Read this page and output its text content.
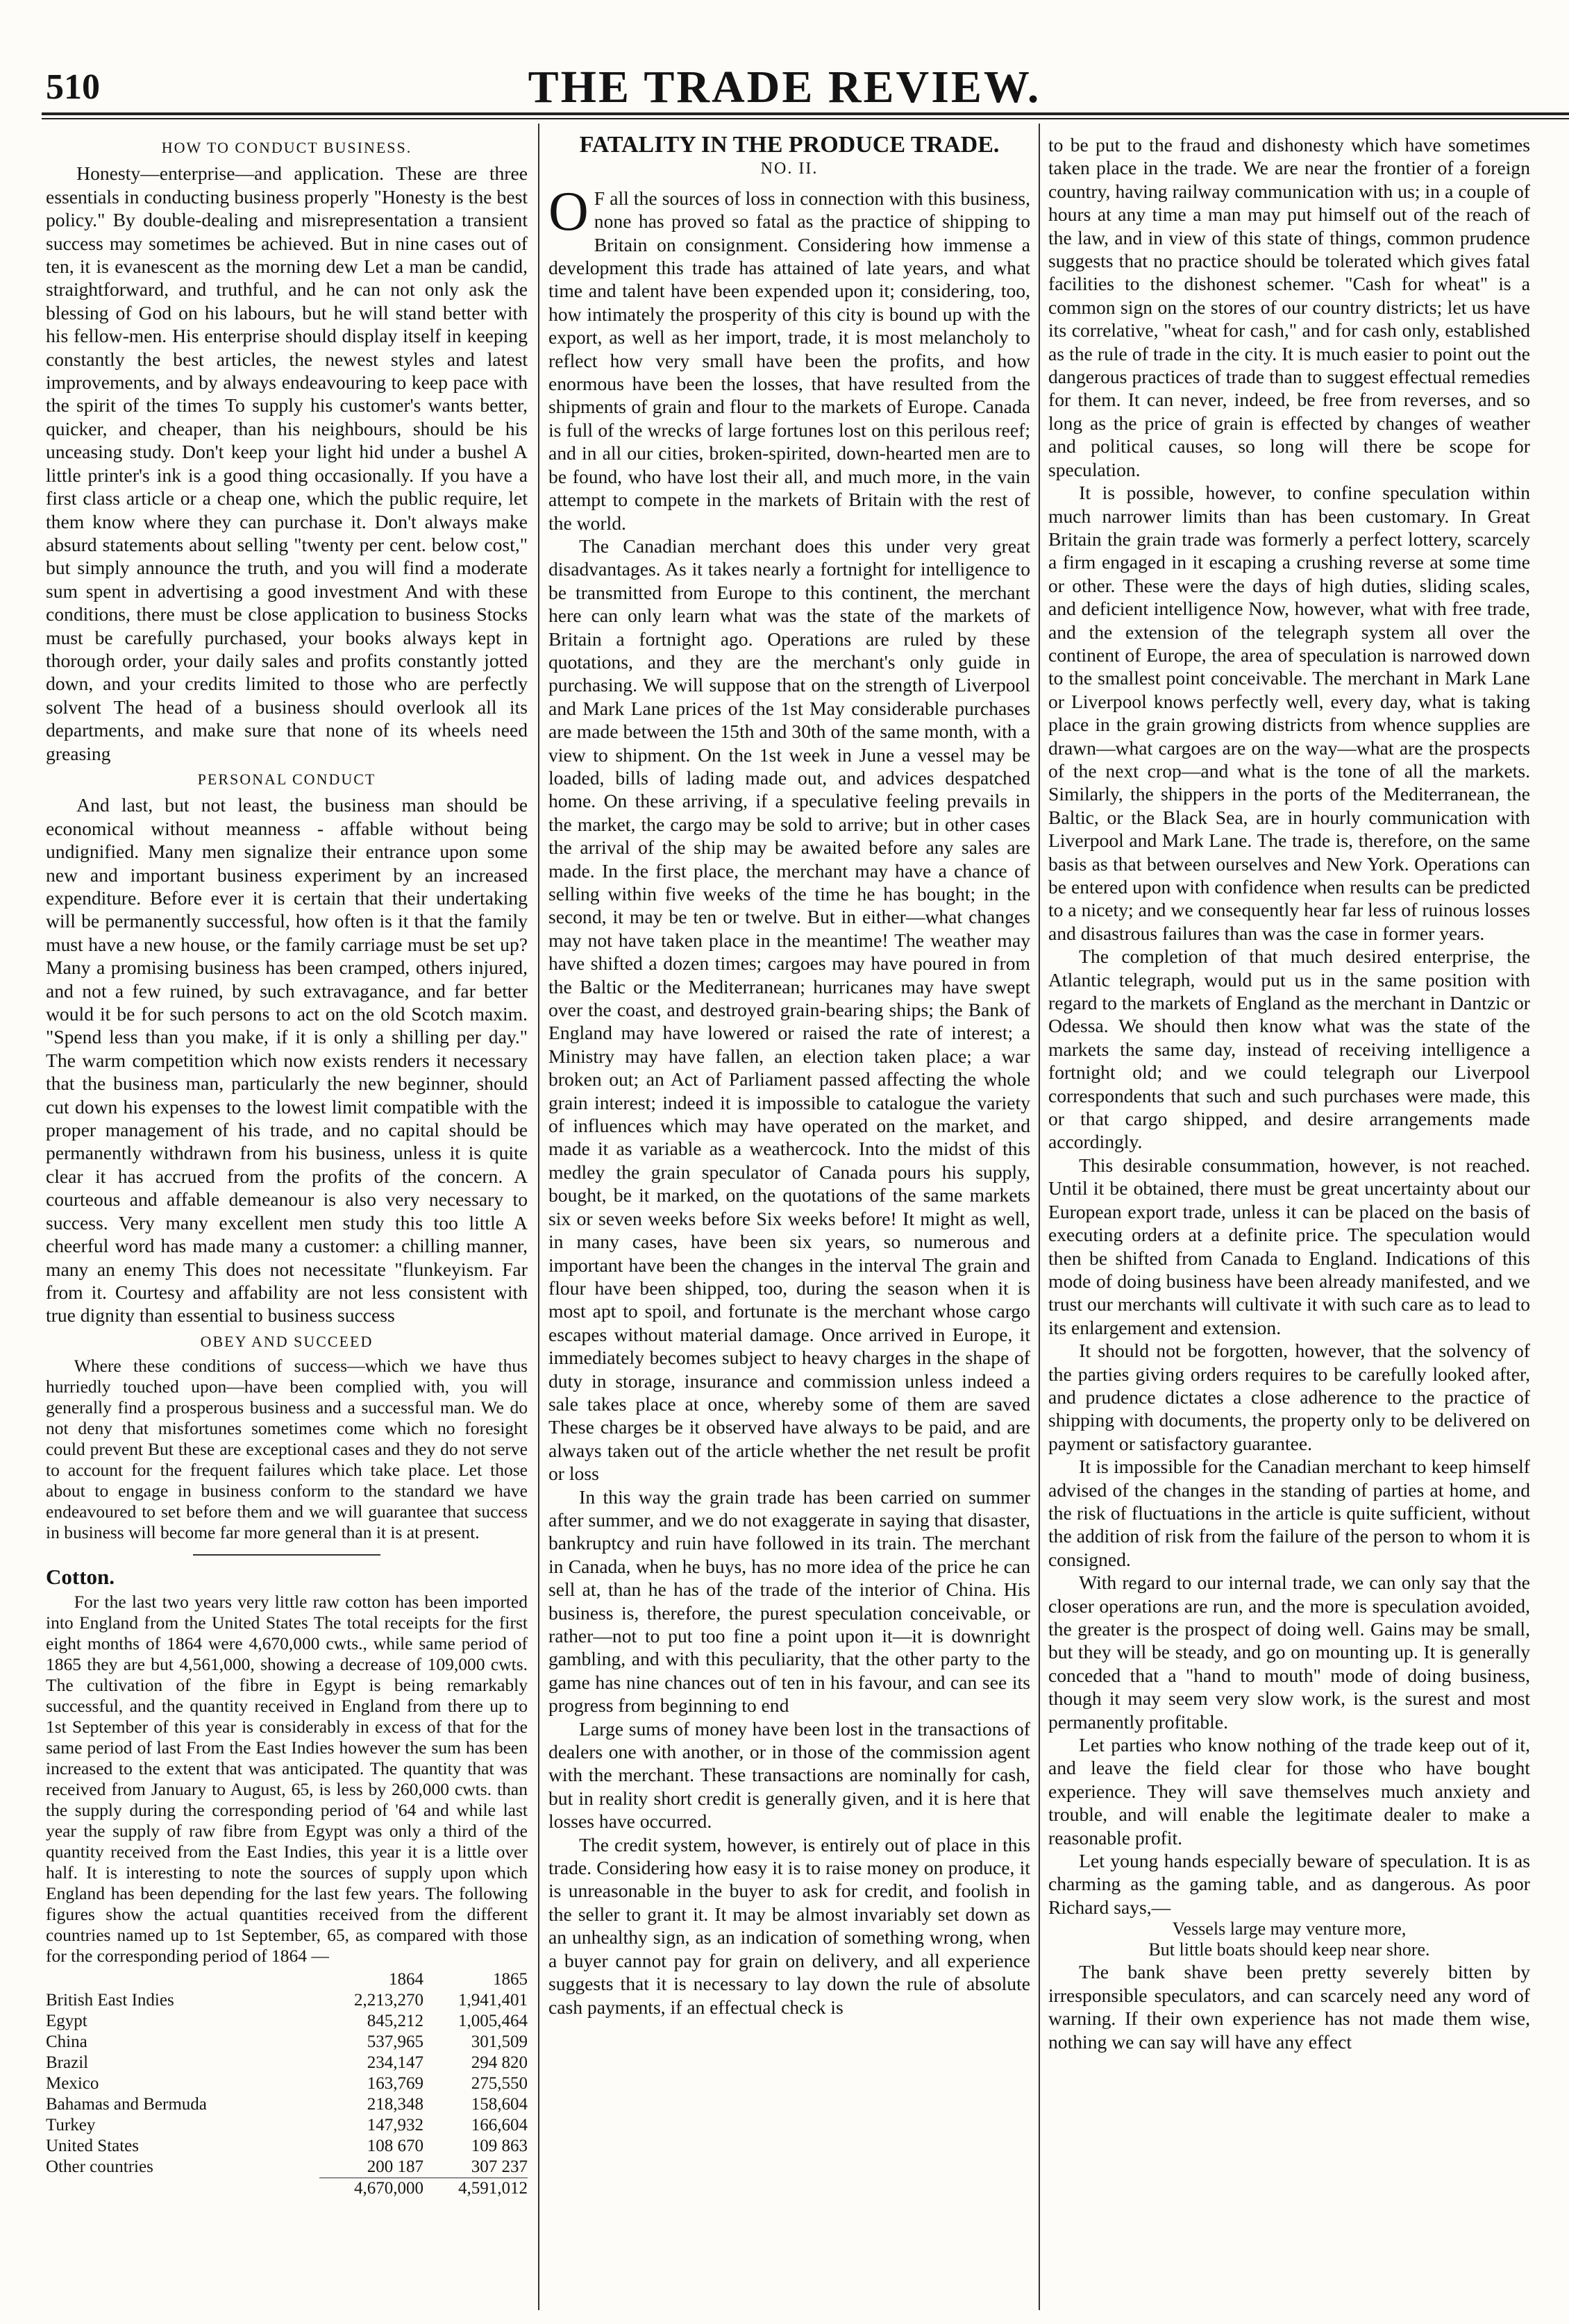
510	THE TRADE REVIEW.
HOW TO CONDUCT BUSINESS.

Honesty—enterprise—and application. These are three essentials in conducting business properly "Honesty is the best policy." By double-dealing and misrepresentation a transient success may sometimes be achieved. But in nine cases out of ten, it is evanescent as the morning dew Let a man be candid, straightforward, and truthful, and he can not only ask the blessing of God on his labours, but he will stand better with his fellow-men. His enterprise should display itself in keeping constantly the best articles, the newest styles and latest improvements, and by always endeavouring to keep pace with the spirit of the times To supply his customer's wants better, quicker, and cheaper, than his neighbours, should be his unceasing study. Don't keep your light hid under a bushel A little printer's ink is a good thing occasionally. If you have a first class article or a cheap one, which the public require, let them know where they can purchase it. Don't always make absurd statements about selling "twenty per cent. below cost," but simply announce the truth, and you will find a moderate sum spent in advertising a good investment And with these conditions, there must be close application to business Stocks must be carefully purchased, your books always kept in thorough order, your daily sales and profits constantly jotted down, and your credits limited to those who are perfectly solvent The head of a business should overlook all its departments, and make sure that none of its wheels need greasing

PERSONAL CONDUCT

And last, but not least, the business man should be economical without meanness - affable without being undignified. Many men signalize their entrance upon some new and important business experiment by an increased expenditure. Before ever it is certain that their undertaking will be permanently successful, how often is it that the family must have a new house, or the family carriage must be set up? Many a promising business has been cramped, others injured, and not a few ruined, by such extravagance, and far better would it be for such persons to act on the old Scotch maxim. "Spend less than you make, if it is only a shilling per day." The warm competition which now exists renders it necessary that the business man, particularly the new beginner, should cut down his expenses to the lowest limit compatible with the proper management of his trade, and no capital should be permanently withdrawn from his business, unless it is quite clear it has accrued from the profits of the concern. A courteous and affable demeanour is also very necessary to success. Very many excellent men study this too little A cheerful word has made many a customer: a chilling manner, many an enemy This does not necessitate "flunkeyism. Far from it. Courtesy and affability are not less consistent with true dignity than essential to business success

OBEY AND SUCCEED

Where these conditions of success—which we have thus hurriedly touched upon—have been complied with, you will generally find a prosperous business and a successful man. We do not deny that misfortunes sometimes come which no foresight could prevent But these are exceptional cases and they do not serve to account for the frequent failures which take place. Let those about to engage in business conform to the standard we have endeavoured to set before them and we will guarantee that success in business will become far more general than it is at present.

Cotton.

For the last two years very little raw cotton has been imported into England from the United States The total receipts for the first eight months of 1864 were 4,670,000 cwts., while same period of 1865 they are but 4,561,000, showing a decrease of 109,000 cwts. The cultivation of the fibre in Egypt is being remarkably successful, and the quantity received in England from there up to 1st September of this year is considerably in excess of that for the same period of last From the East Indies however the sum has been increased to the extent that was anticipated. The quantity that was received from January to August, 65, is less by 260,000 cwts. than the supply during the corresponding period of '64 and while last year the supply of raw fibre from Egypt was only a third of the quantity received from the East Indies, this year it is a little over half. It is interesting to note the sources of supply upon which England has been depending for the last few years. The following figures show the actual quantities received from the different countries named up to 1st September, 65, as compared with those for the corresponding period of 1864 —

	1864	1865
British East Indies	2,213,270	1,941,401
Egypt	845,212	1,005,464
China	537,965	301,509
Brazil	234,147	294 820
Mexico	163,769	275,550
Bahamas and Bermuda	218,348	158,604
Turkey	147,932	166,604
United States	108 670	109 863
Other countries	200 187	307 237
	4,670,000	4,591,012
FATALITY IN THE PRODUCE TRADE.
NO. II.

O F all the sources of loss in connection with this business, none has proved so fatal as the practice of shipping to Britain on consignment. Considering how immense a development this trade has attained of late years, and what time and talent have been expended upon it; considering, too, how intimately the prosperity of this city is bound up with the export, as well as her import, trade, it is most melancholy to reflect how very small have been the profits, and how enormous have been the losses, that have resulted from the shipments of grain and flour to the markets of Europe. Canada is full of the wrecks of large fortunes lost on this perilous reef; and in all our cities, broken-spirited, down-hearted men are to be found, who have lost their all, and much more, in the vain attempt to compete in the markets of Britain with the rest of the world.

The Canadian merchant does this under very great disadvantages. As it takes nearly a fortnight for intelligence to be transmitted from Europe to this continent, the merchant here can only learn what was the state of the markets of Britain a fortnight ago. Operations are ruled by these quotations, and they are the merchant's only guide in purchasing. We will suppose that on the strength of Liverpool and Mark Lane prices of the 1st May considerable purchases are made between the 15th and 30th of the same month, with a view to shipment. On the 1st week in June a vessel may be loaded, bills of lading made out, and advices despatched home. On these arriving, if a speculative feeling prevails in the market, the cargo may be sold to arrive; but in other cases the arrival of the ship may be awaited before any sales are made. In the first place, the merchant may have a chance of selling within five weeks of the time he has bought; in the second, it may be ten or twelve. But in either—what changes may not have taken place in the meantime! The weather may have shifted a dozen times; cargoes may have poured in from the Baltic or the Mediterranean; hurricanes may have swept over the coast, and destroyed grain-bearing ships; the Bank of England may have lowered or raised the rate of interest; a Ministry may have fallen, an election taken place; a war broken out; an Act of Parliament passed affecting the whole grain interest; indeed it is impossible to catalogue the variety of influences which may have operated on the market, and made it as variable as a weathercock. Into the midst of this medley the grain speculator of Canada pours his supply, bought, be it marked, on the quotations of the same markets six or seven weeks before Six weeks before! It might as well, in many cases, have been six years, so numerous and important have been the changes in the interval The grain and flour have been shipped, too, during the season when it is most apt to spoil, and fortunate is the merchant whose cargo escapes without material damage. Once arrived in Europe, it immediately becomes subject to heavy charges in the shape of duty in storage, insurance and commission unless indeed a sale takes place at once, whereby some of them are saved These charges be it observed have always to be paid, and are always taken out of the article whether the net result be profit or loss

In this way the grain trade has been carried on summer after summer, and we do not exaggerate in saying that disaster, bankruptcy and ruin have followed in its train. The merchant in Canada, when he buys, has no more idea of the price he can sell at, than he has of the trade of the interior of China. His business is, therefore, the purest speculation conceivable, or rather—not to put too fine a point upon it—it is downright gambling, and with this peculiarity, that the other party to the game has nine chances out of ten in his favour, and can see its progress from beginning to end

Large sums of money have been lost in the transactions of dealers one with another, or in those of the commission agent with the merchant. These transactions are nominally for cash, but in reality short credit is generally given, and it is here that losses have occurred.

The credit system, however, is entirely out of place in this trade. Considering how easy it is to raise money on produce, it is unreasonable in the buyer to ask for credit, and foolish in the seller to grant it. It may be almost invariably set down as an unhealthy sign, as an indication of something wrong, when a buyer cannot pay for grain on delivery, and all experience suggests that it is necessary to lay down the rule of absolute cash payments, if an effectual check is

to be put to the fraud and dishonesty which have sometimes taken place in the trade. We are near the frontier of a foreign country, having railway communication with us; in a couple of hours at any time a man may put himself out of the reach of the law, and in view of this state of things, common prudence suggests that no practice should be tolerated which gives fatal facilities to the dishonest schemer. "Cash for wheat" is a common sign on the stores of our country districts; let us have its correlative, "wheat for cash," and for cash only, established as the rule of trade in the city. It is much easier to point out the dangerous practices of trade than to suggest effectual remedies for them. It can never, indeed, be free from reverses, and so long as the price of grain is effected by changes of weather and political causes, so long will there be scope for speculation.

It is possible, however, to confine speculation within much narrower limits than has been customary. In Great Britain the grain trade was formerly a perfect lottery, scarcely a firm engaged in it escaping a crushing reverse at some time or other. These were the days of high duties, sliding scales, and deficient intelligence Now, however, what with free trade, and the extension of the telegraph system all over the continent of Europe, the area of speculation is narrowed down to the smallest point conceivable. The merchant in Mark Lane or Liverpool knows perfectly well, every day, what is taking place in the grain growing districts from whence supplies are drawn—what cargoes are on the way—what are the prospects of the next crop—and what is the tone of all the markets. Similarly, the shippers in the ports of the Mediterranean, the Baltic, or the Black Sea, are in hourly communication with Liverpool and Mark Lane. The trade is, therefore, on the same basis as that between ourselves and New York. Operations can be entered upon with confidence when results can be predicted to a nicety; and we consequently hear far less of ruinous losses and disastrous failures than was the case in former years.

The completion of that much desired enterprise, the Atlantic telegraph, would put us in the same position with regard to the markets of England as the merchant in Dantzic or Odessa. We should then know what was the state of the markets the same day, instead of receiving intelligence a fortnight old; and we could telegraph our Liverpool correspondents that such and such purchases were made, this or that cargo shipped, and desire arrangements made accordingly.

This desirable consummation, however, is not reached. Until it be obtained, there must be great uncertainty about our European export trade, unless it can be placed on the basis of executing orders at a definite price. The speculation would then be shifted from Canada to England. Indications of this mode of doing business have been already manifested, and we trust our merchants will cultivate it with such care as to lead to its enlargement and extension.

It should not be forgotten, however, that the solvency of the parties giving orders requires to be carefully looked after, and prudence dictates a close adherence to the practice of shipping with documents, the property only to be delivered on payment or satisfactory guarantee.

It is impossible for the Canadian merchant to keep himself advised of the changes in the standing of parties at home, and the risk of fluctuations in the article is quite sufficient, without the addition of risk from the failure of the person to whom it is consigned.

With regard to our internal trade, we can only say that the closer operations are run, and the more is speculation avoided, the greater is the prospect of doing well. Gains may be small, but they will be steady, and go on mounting up. It is generally conceded that a "hand to mouth" mode of doing business, though it may seem very slow work, is the surest and most permanently profitable.

Let parties who know nothing of the trade keep out of it, and leave the field clear for those who have bought experience. They will save themselves much anxiety and trouble, and will enable the legitimate dealer to make a reasonable profit.

Let young hands especially beware of speculation. It is as charming as the gaming table, and as dangerous. As poor Richard says,—

Vessels large may venture more,
But little boats should keep near shore.

The bank shave been pretty severely bitten by irresponsible speculators, and can scarcely need any word of warning. If their own experience has not made them wise, nothing we can say will have any effect
